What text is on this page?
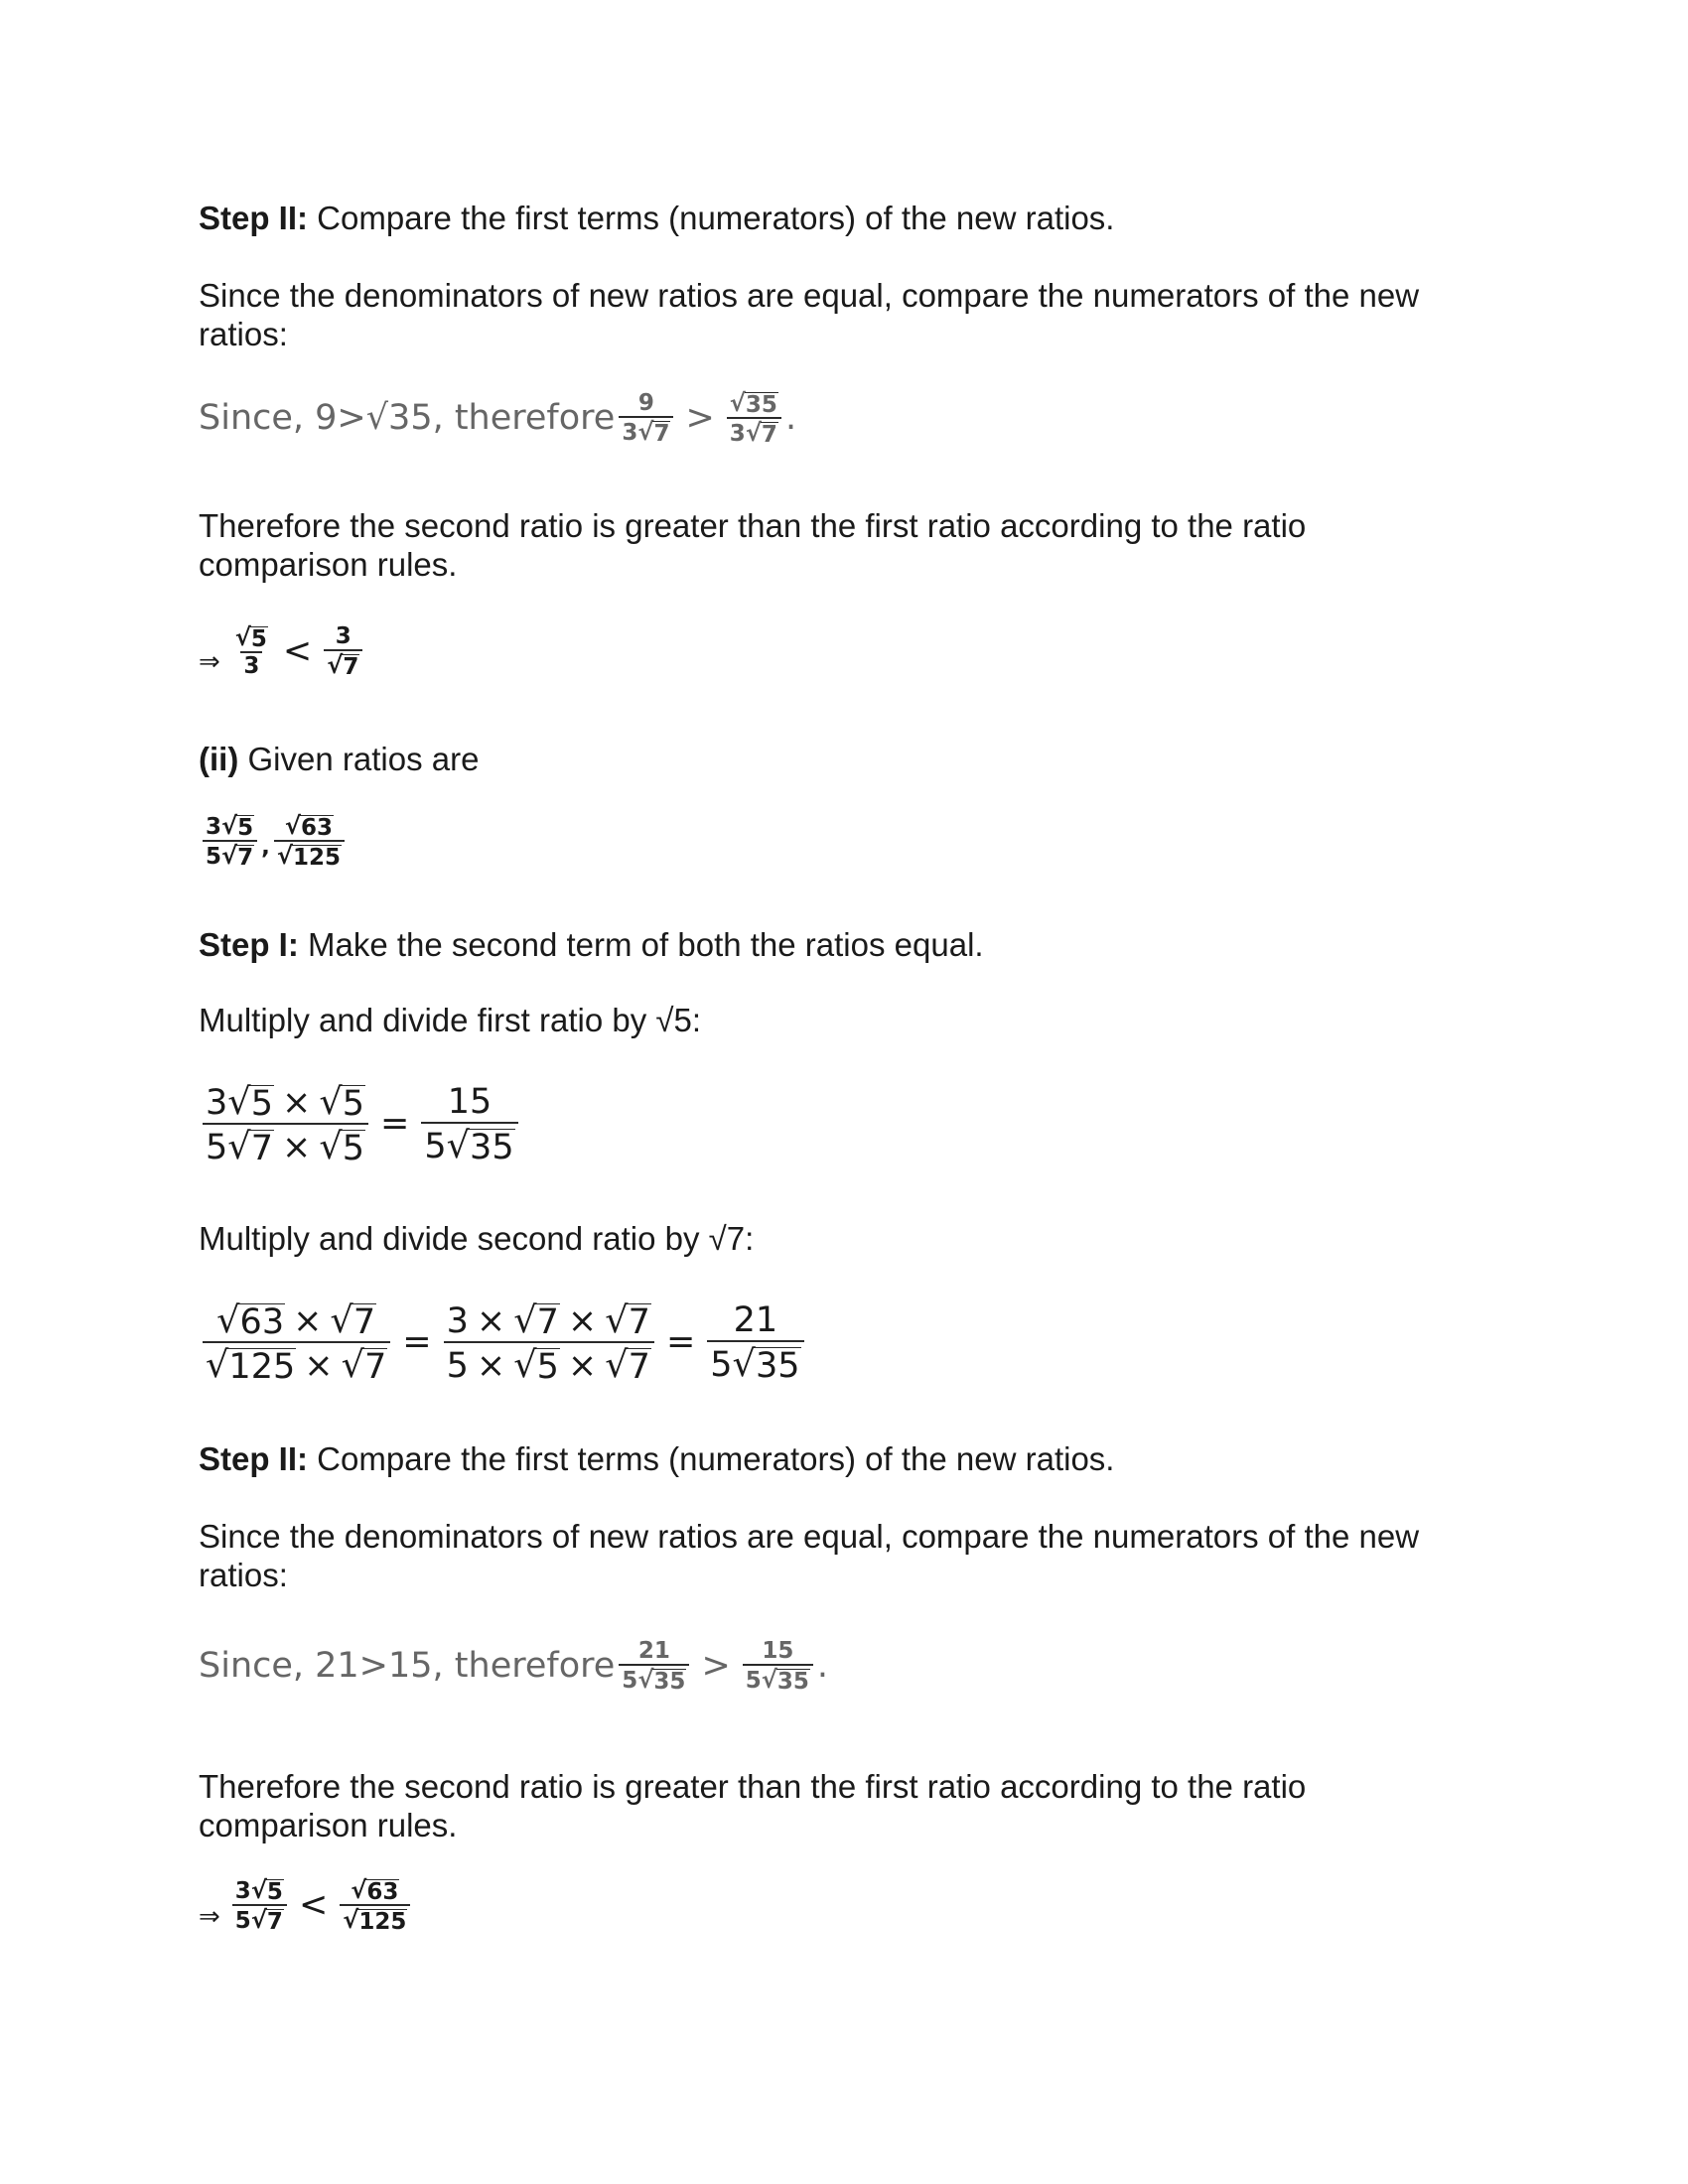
Step II: Compare the first terms (numerators) of the new ratios.
Since the denominators of new ratios are equal, compare the numerators of the new
ratios:
Since, 9>√35, therefore $\frac{9}{3 √ 7} > \frac{√ 35}{3 √ 7}$ .
Therefore the second ratio is greater than the first ratio according to the ratio
comparison rules.
⇒ $\frac{√ 5}{3} < \frac{3}{√ 7}$
(ii) Given ratios are
$\frac{3 √ 5}{5 √ 7}$ , $\frac{√ 63}{√ 125}$
Step I: Make the second term of both the ratios equal.
Multiply and divide first ratio by √5:
$\frac{3 √ 5 \times √ 5}{5 √ 7 \times √ 5} = \frac{15}{5 √ 35}$
Multiply and divide second ratio by √7:
$\frac{√ 63 \times √ 7}{√ 125 \times √ 7} = \frac{3 \times √ 7 \times √ 7}{5 \times √ 5 \times √ 7} = \frac{21}{5 √ 35}$
Step II: Compare the first terms (numerators) of the new ratios.
Since the denominators of new ratios are equal, compare the numerators of the new
ratios:
Since, 21>15, therefore $\frac{21}{5 √ 35} > \frac{15}{5 √ 35}$ .
Therefore the second ratio is greater than the first ratio according to the ratio
comparison rules.
⇒ $\frac{3 √ 5}{5 √ 7} < \frac{√ 63}{√ 125}$
